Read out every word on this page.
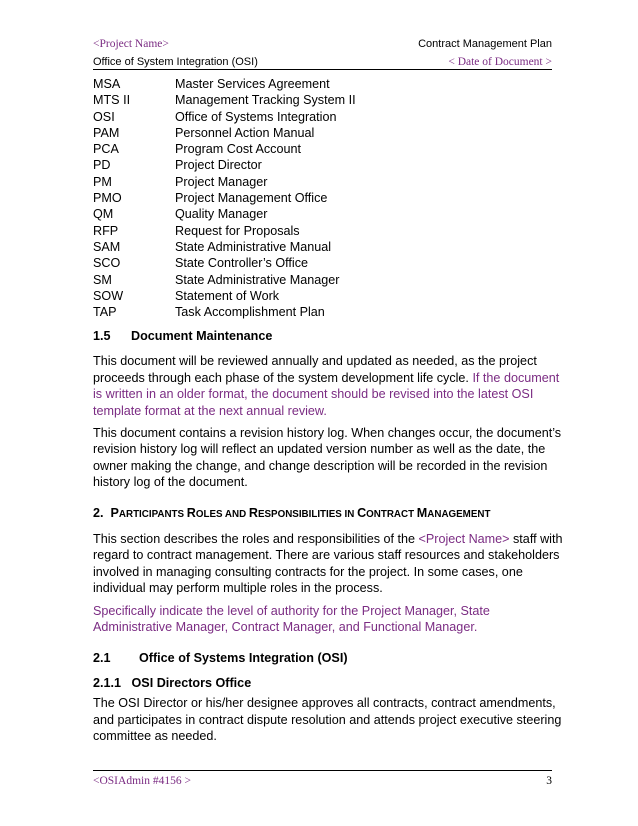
<Project Name>
Office of System Integration (OSI)
Contract Management Plan
< Date of Document >
MSA	Master Services Agreement
MTS II	Management Tracking System II
OSI	Office of Systems Integration
PAM	Personnel Action Manual
PCA	Program Cost Account
PD	Project Director
PM	Project Manager
PMO	Project Management Office
QM	Quality Manager
RFP	Request for Proposals
SAM	State Administrative Manual
SCO	State Controller’s Office
SM	State Administrative Manager
SOW	Statement of Work
TAP	Task Accomplishment Plan
1.5 Document Maintenance

This document will be reviewed annually and updated as needed, as the project proceeds through each phase of the system development life cycle. If the document is written in an older format, the document should be revised into the latest OSI template format at the next annual review.

This document contains a revision history log. When changes occur, the document’s revision history log will reflect an updated version number as well as the date, the owner making the change, and change description will be recorded in the revision history log of the document.

2. PARTICIPANTS ROLES AND RESPONSIBILITIES IN CONTRACT MANAGEMENT

This section describes the roles and responsibilities of the <Project Name> staff with regard to contract management. There are various staff resources and stakeholders involved in managing consulting contracts for the project. In some cases, one individual may perform multiple roles in the process.

Specifically indicate the level of authority for the Project Manager, State Administrative Manager, Contract Manager, and Functional Manager.

2.1 Office of Systems Integration (OSI)
2.1.1 OSI Directors Office

The OSI Director or his/her designee approves all contracts, contract amendments, and participates in contract dispute resolution and attends project executive steering committee as needed.

<OSIAdmin #4156 >	3
